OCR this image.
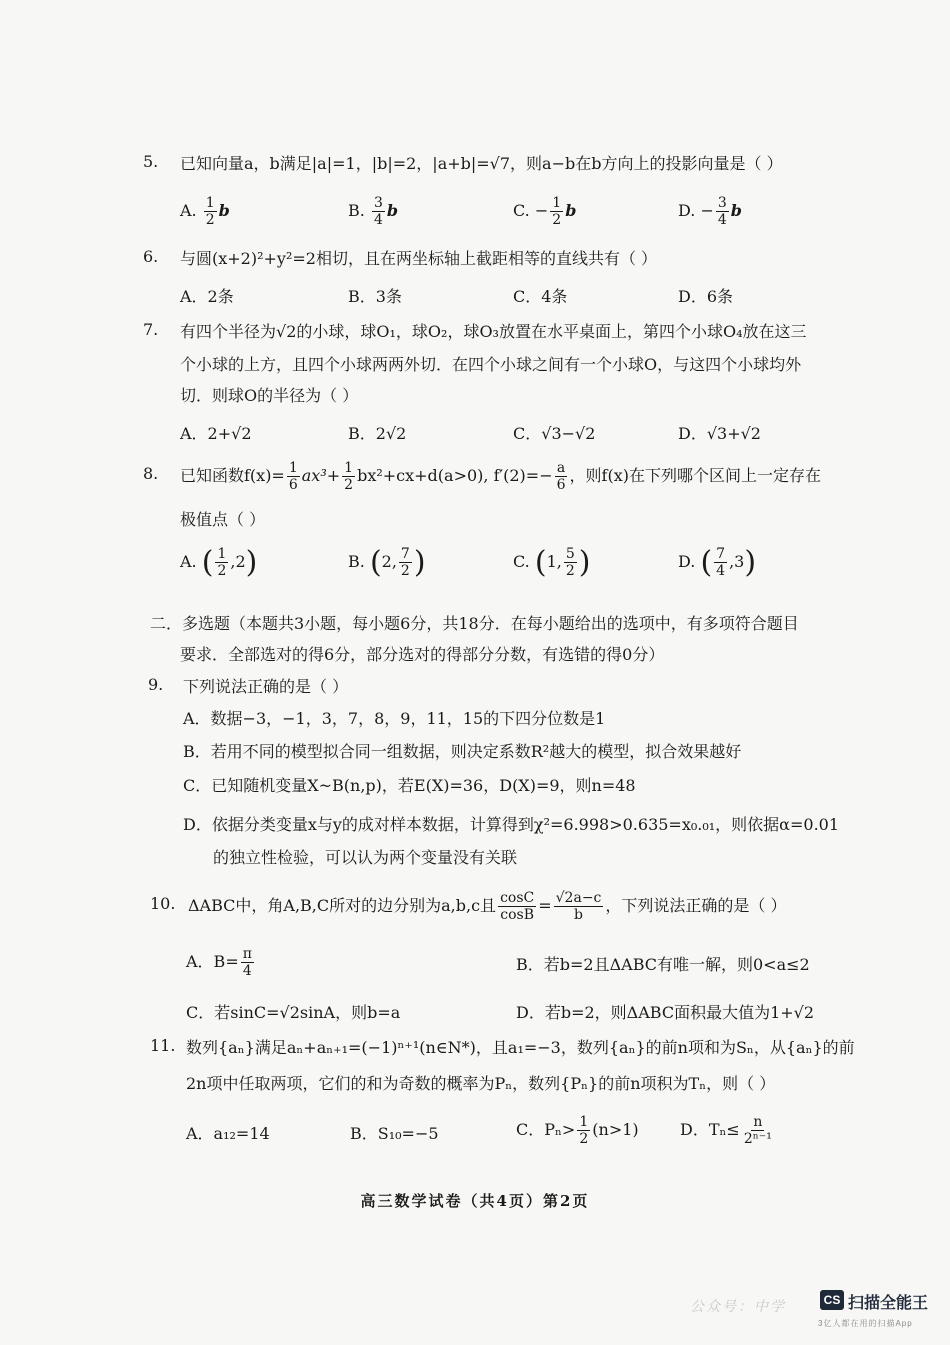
5. 已知向量a，b满足|a|=1，|b|=2，|a+b|=√7，则a−b在b方向上的投影向量是（ ）
A. $\frac{1}{2}$ b	B. $\frac{3}{4}$ b	C. − $\frac{1}{2}$ b	D. − $\frac{3}{4}$ b
6. 与圆(x+2)²+y²=2相切，且在两坐标轴上截距相等的直线共有（ ）
A．2条	B．3条	C．4条	D．6条
7. 有四个半径为√2的小球，球O₁，球O₂，球O₃放置在水平桌面上，第四个小球O₄放在这三
个小球的上方，且四个小球两两外切．在四个小球之间有一个小球O，与这四个小球均外
切．则球O的半径为（ ）
A．2+√2	B．2√2	C．√3−√2	D．√3+√2
8. 已知函数$f(x)= \frac{1}{6} ax^3+ \frac{1}{2} bx^2+cx+d(a>0)$, $f'(2)=- \frac{a}{6}$ ，则f(x)在下列哪个区间上一定存在
极值点（ ）
A. ( $\frac{1}{2} ,2$)	B. (2, $\frac{7}{2}$ )	C. (1, $\frac{5}{2}$ )	D. ( $\frac{7}{4} ,3$)
二．多选题（本题共3小题，每小题6分，共18分．在每小题给出的选项中，有多项符合题目
要求．全部选对的得6分，部分选对的得部分分数，有选错的得0分）
9. 下列说法正确的是（ ）
A．数据−3，−1，3，7，8，9，11，15的下四分位数是1
B．若用不同的模型拟合同一组数据，则决定系数R²越大的模型，拟合效果越好
C．已知随机变量X~B(n,p)，若E(X)=36，D(X)=9，则n=48
D．依据分类变量x与y的成对样本数据，计算得到χ²=6.998>0.635=x₀.₀₁，则依据α=0.01
的独立性检验，可以认为两个变量没有关联
10. ΔABC中，角A,B,C所对的边分别为a,b,c且 $\frac{\cos C}{\cos B} = \frac{√2a-c}{b}$ ，下列说法正确的是（ ）
A．$B= \frac{\pi}{4}$	B．若b=2且ΔABC有唯一解，则0<a≤2
C．若sinC=√2sinA，则b=a	D．若b=2，则ΔABC面积最大值为1+√2
11. 数列{aₙ}满足aₙ+aₙ₊₁=(−1)ⁿ⁺¹(n∈N*)，且a₁=−3，数列{aₙ}的前n项和为Sₙ，从{aₙ}的前
2n项中任取两项，它们的和为奇数的概率为Pₙ，数列{Pₙ}的前n项积为Tₙ，则（ ）
A．a₁₂=14	B．S₁₀=−5	C．$P_n> \frac{1}{2} (n>1)$	D．$T_n\le \frac{n}{\text{2ⁿ⁻¹}}$
高三数学试卷（共4页）第2页
公众号：中学	CS 扫描全能王
3亿人都在用的扫描App
